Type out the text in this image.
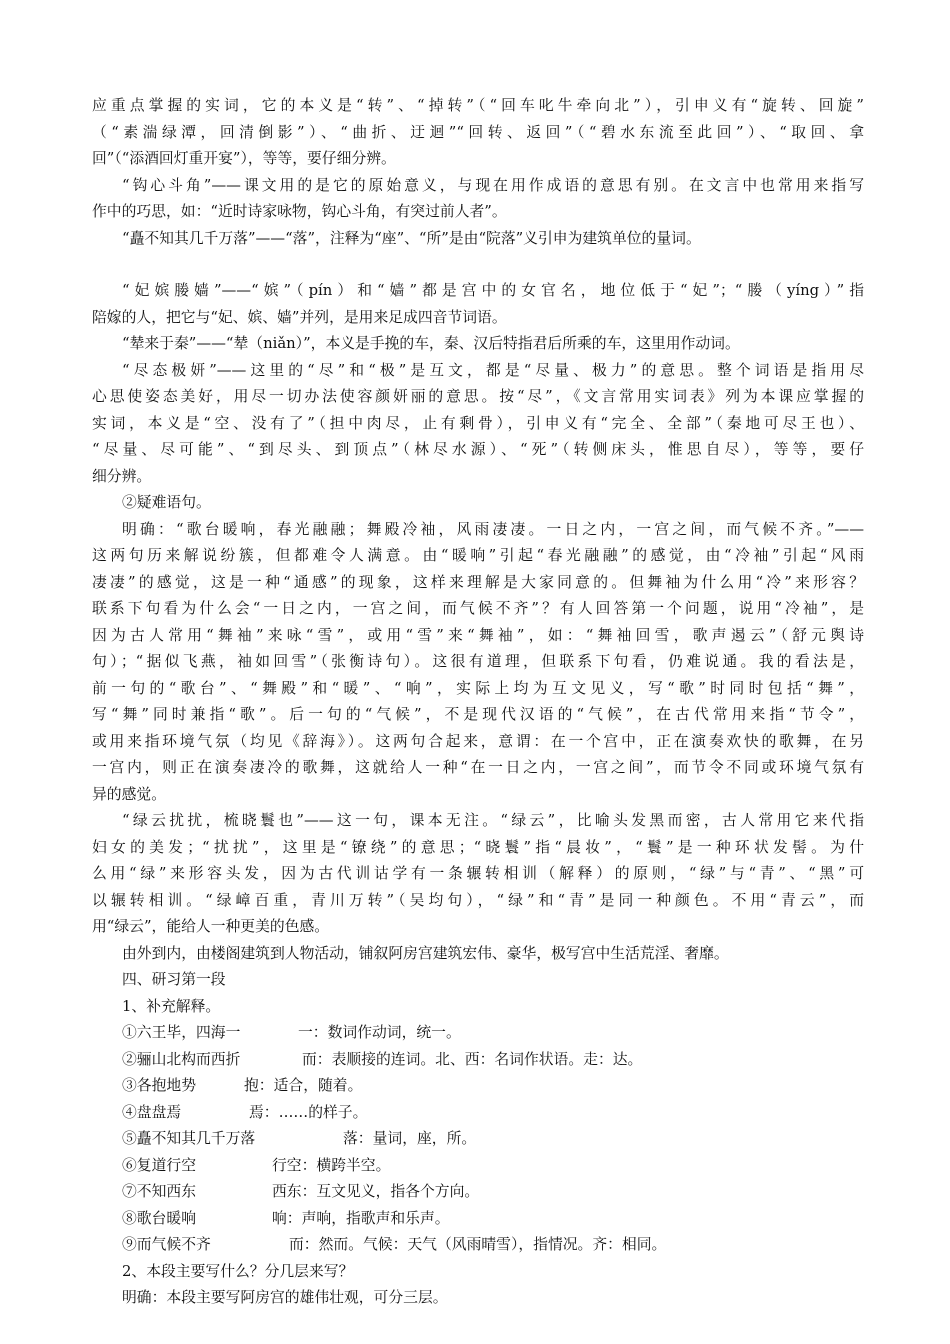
应重点掌握的实词，它的本义是“转”、“掉转”（“回车叱牛牵向北”），引申义有“旋转、回旋”
（“素湍绿潭，回清倒影”）、“曲折、迂迴”“回转、返回”（“碧水东流至此回”）、“取回、拿
回”（“添酒回灯重开宴”），等等，要仔细分辨。
“钩心斗角”——课文用的是它的原始意义，与现在用作成语的意思有别。在文言中也常用来指写
作中的巧思，如：“近时诗家咏物，钩心斗角，有突过前人者”。
“矗不知其几千万落”——“落”，注释为“座”、“所”是由“院落”义引申为建筑单位的量词。
“妃嫔媵嫱”——“嫔”（pín）和“嫱”都是宫中的女官名，地位低于“妃”；“媵（yíng）”指
陪嫁的人，把它与“妃、嫔、嫱”并列，是用来足成四音节词语。
“辇来于秦”——“辇（niǎn）”，本义是手挽的车，秦、汉后特指君后所乘的车，这里用作动词。
“尽态极妍”——这里的“尽”和“极”是互文，都是“尽量、极力”的意思。整个词语是指用尽
心思使姿态美好，用尽一切办法使容颜妍丽的意思。按“尽”，《文言常用实词表》列为本课应掌握的
实词，本义是“空、没有了”（担中肉尽，止有剩骨），引申义有“完全、全部”（秦地可尽王也）、
“尽量、尽可能”、“到尽头、到顶点”（林尽水源）、“死”（转侧床头，惟思自尽），等等，要仔
细分辨。
②疑难语句。
明确：“歌台暖响，春光融融；舞殿冷袖，风雨凄凄。一日之内，一宫之间，而气候不齐。”——
这两句历来解说纷簇，但都难令人满意。由“暖响”引起“春光融融”的感觉，由“冷袖”引起“风雨
凄凄”的感觉，这是一种“通感”的现象，这样来理解是大家同意的。但舞袖为什么用“冷”来形容？
联系下句看为什么会“一日之内，一宫之间，而气候不齐”？有人回答第一个问题，说用“冷袖”，是
因为古人常用“舞袖”来咏“雪”，或用“雪”来“舞袖”，如：“舞袖回雪，歌声遏云”（舒元舆诗
句）；“据似飞燕，袖如回雪”（张衡诗句）。这很有道理，但联系下句看，仍难说通。我的看法是，
前一句的“歌台”、“舞殿”和“暖”、“响”，实际上均为互文见义，写“歌”时同时包括“舞”，
写“舞”同时兼指“歌”。后一句的“气候”，不是现代汉语的“气候”，在古代常用来指“节令”，
或用来指环境气氛（均见《辞海》）。这两句合起来，意谓：在一个宫中，正在演奏欢快的歌舞，在另
一宫内，则正在演奏凄冷的歌舞，这就给人一种“在一日之内，一宫之间”，而节令不同或环境气氛有
异的感觉。
“绿云扰扰，梳晓鬟也”——这一句，课本无注。“绿云”，比喻头发黑而密，古人常用它来代指
妇女的美发；“扰扰”，这里是“镣绕”的意思；“晓鬟”指“晨妆”，“鬟”是一种环状发髻。为什
么用“绿”来形容头发，因为古代训诂学有一条辗转相训（解释）的原则，“绿”与“青”、“黑”可
以辗转相训。“绿嶂百重，青川万转”（吴均句），“绿”和“青”是同一种颜色。不用“青云”，而
用“绿云”，能给人一种更美的色感。
由外到内，由楼阁建筑到人物活动，铺叙阿房宫建筑宏伟、豪华，极写宫中生活荒淫、奢靡。
四、研习第一段
1、补充解释。
①六王毕，四海一	一：数词作动词，统一。
②骊山北构而西折	而：表顺接的连词。北、西：名词作状语。走：达。
③各抱地势	抱：适合，随着。
④盘盘焉	焉：……的样子。
⑤矗不知其几千万落	落：量词，座，所。
⑥复道行空	行空：横跨半空。
⑦不知西东	西东：互文见义，指各个方向。
⑧歌台暖响	响：声响，指歌声和乐声。
⑨而气候不齐	而：然而。气候：天气（风雨晴雪），指情况。齐：相同。
2、本段主要写什么？分几层来写？
明确：本段主要写阿房宫的雄伟壮观，可分三层。
